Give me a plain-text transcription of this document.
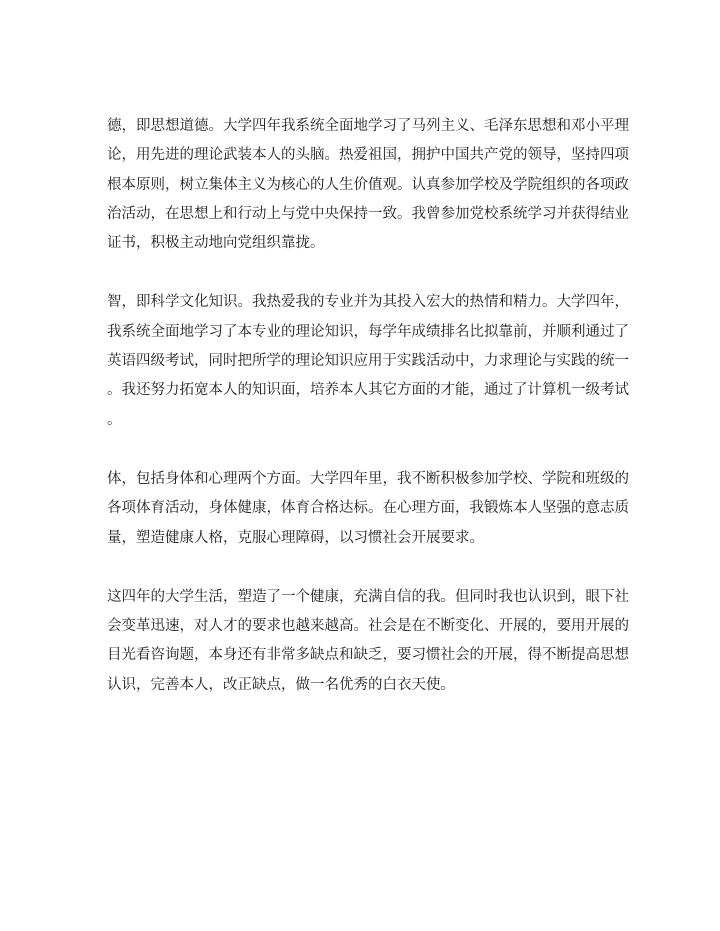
德，即思想道德。大学四年我系统全面地学习了马列主义、毛泽东思想和邓小平理
论，用先进的理论武装本人的头脑。热爱祖国，拥护中国共产党的领导，坚持四项
根本原则，树立集体主义为核心的人生价值观。认真参加学校及学院组织的各项政
治活动，在思想上和行动上与党中央保持一致。我曾参加党校系统学习并获得结业
证书，积极主动地向党组织靠拢。

智，即科学文化知识。我热爱我的专业并为其投入宏大的热情和精力。大学四年，
我系统全面地学习了本专业的理论知识，每学年成绩排名比拟靠前，并顺利通过了
英语四级考试，同时把所学的理论知识应用于实践活动中，力求理论与实践的统一
。我还努力拓宽本人的知识面，培养本人其它方面的才能，通过了计算机一级考试
。

体，包括身体和心理两个方面。大学四年里，我不断积极参加学校、学院和班级的
各项体育活动，身体健康，体育合格达标。在心理方面，我锻炼本人坚强的意志质
量，塑造健康人格，克服心理障碍，以习惯社会开展要求。

这四年的大学生活，塑造了一个健康，充满自信的我。但同时我也认识到，眼下社
会变革迅速，对人才的要求也越来越高。社会是在不断变化、开展的，要用开展的
目光看咨询题，本身还有非常多缺点和缺乏，要习惯社会的开展，得不断提高思想
认识，完善本人，改正缺点，做一名优秀的白衣天使。
